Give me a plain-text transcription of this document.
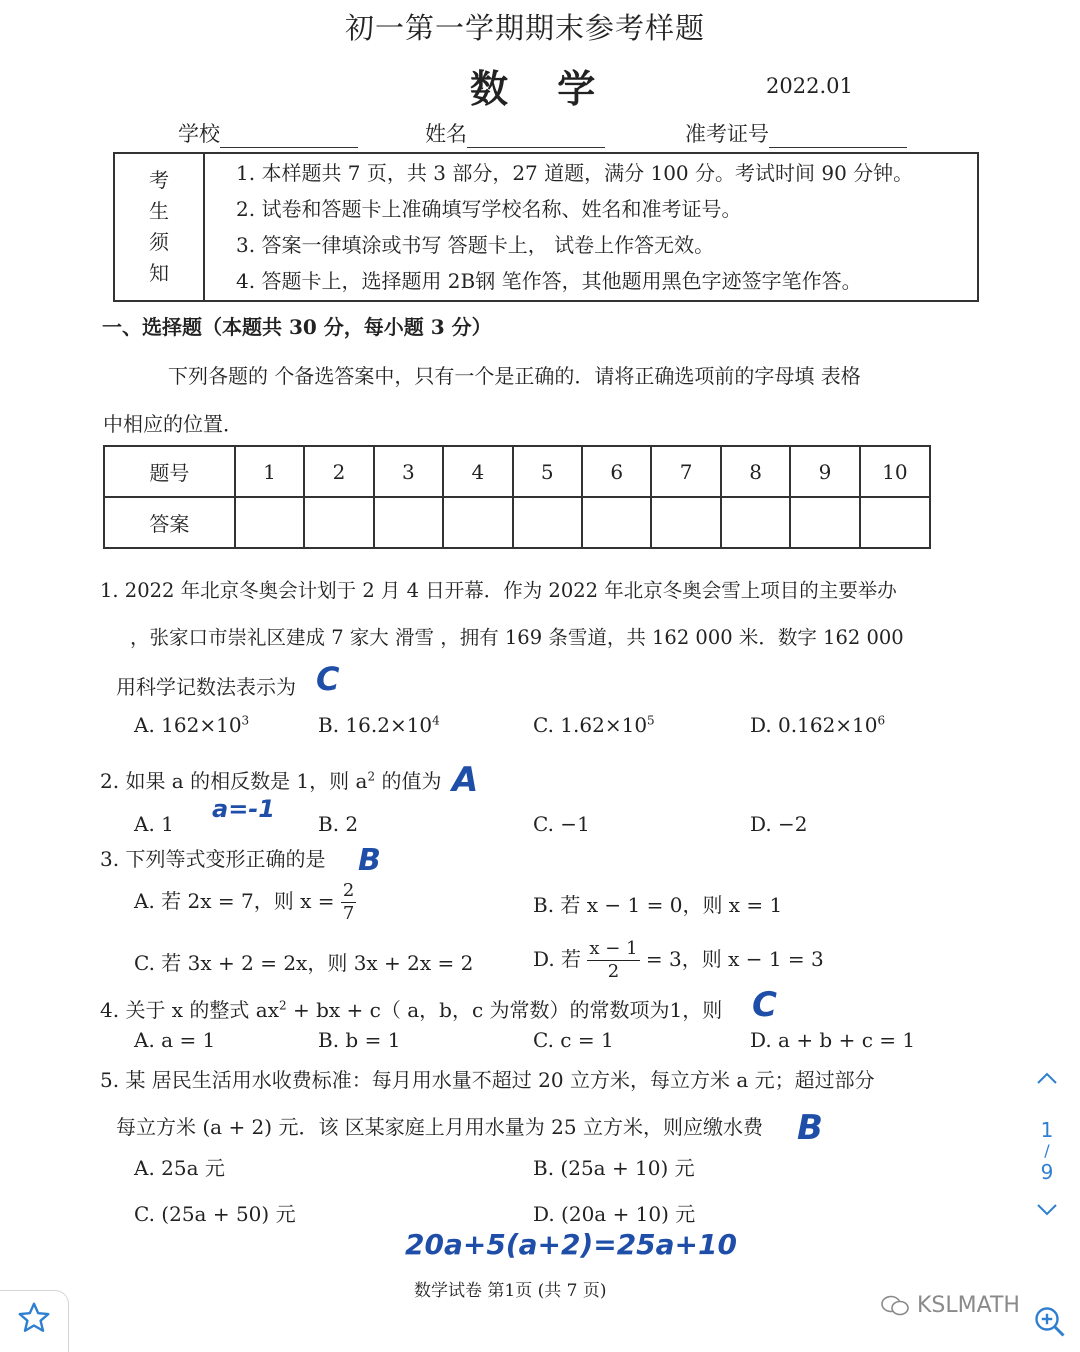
初一第一学期期末参考样题
数 学	2022.01
学校	姓名	准考证号
考
生
须
知

1. 本样题共 7 页，共 3 部分，27 道题，满分 100 分。考试时间 90 分钟。
2. 试卷和答题卡上准确填写学校名称、姓名和准考证号。
3. 答案一律填涂或书写 答题卡上， 试卷上作答无效。
4. 答题卡上，选择题用 2B钢 笔作答，其他题用黑色字迹签字笔作答。
一、选择题（本题共 30 分，每小题 3 分）
下列各题的 个备选答案中，只有一个是正确的．请将正确选项前的字母填 表格
中相应的位置．
题号	1	2	3	4	5	6	7	8	9	10
答案										
1. 2022 年北京冬奥会计划于 2 月 4 日开幕．作为 2022 年北京冬奥会雪上项目的主要举办
，张家口市崇礼区建成 7 家大 滑雪 ，拥有 169 条雪道，共 162 000 米．数字 162 000
用科学记数法表示为 C
A. $162\times 10^3$	B. $16.2\times 10^4$	C. $1.62\times 10^5$	D. $0.162\times 10^6$
2. 如果 a 的相反数是 1，则 $a^2$ 的值为 A
a=-1
A. 1	B. 2	C. −1	D. −2
3. 下列等式变形正确的是 B
A. 若 2x = 7，则 $x = \frac{2}{7}$	B. 若 x − 1 = 0，则 x = 1
C. 若 3x + 2 = 2x，则 3x + 2x = 2	D. 若 $\frac{x - 1}{2} = 3$，则 x − 1 = 3
4. 关于 x 的整式 $ax^2$ + bx + c（ a，b，c 为常数）的常数项为1，则 C
A. a = 1	B. b = 1	C. c = 1	D. a + b + c = 1
5. 某 居民生活用水收费标准：每月用水量不超过 20 立方米，每立方米 a 元；超过部分
每立方米 (a + 2) 元．该 区某家庭上月用水量为 25 立方米，则应缴水费 B
A. 25a 元	B. (25a + 10) 元
C. (25a + 50) 元	D. (20a + 10) 元
20a+5(a+2)=25a+10
数学试卷 第1页 (共 7 页)
1
/
9
KSLMATH
